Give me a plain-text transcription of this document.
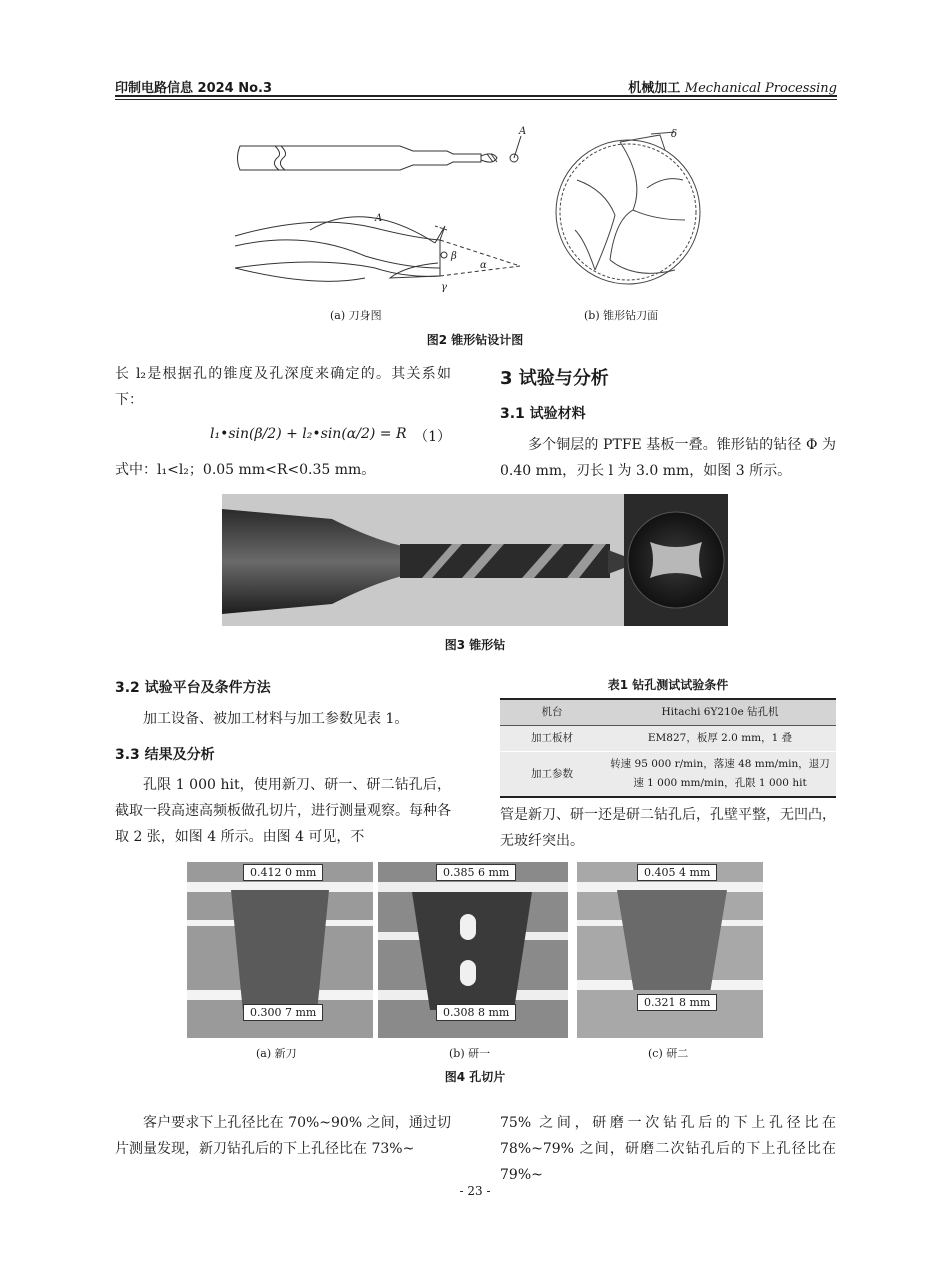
印制电路信息 2024 No.3	机械加工 Mechanical Processing
A
A
β
α
γ
δ
(a) 刀身图	(b) 锥形钻刀面
图2 锥形钻设计图

长 l₂是根据孔的锥度及孔深度来确定的。其关系如下：

l₁•sin(β/2) + l₂•sin(α/2) = R （1）
式中：l₁<l₂；0.05 mm<R<0.35 mm。
3 试验与分析
3.1 试验材料
多个铜层的 PTFE 基板一叠。锥形钻的钻径 Φ 为 0.40 mm，刃长 l 为 3.0 mm，如图 3 所示。
图3 锥形钻
3.2 试验平台及条件方法
加工设备、被加工材料与加工参数见表 1。
3.3 结果及分析
孔限 1 000 hit，使用新刀、研一、研二钻孔后，截取一段高速高频板做孔切片，进行测量观察。每种各取 2 张，如图 4 所示。由图 4 可见，不
表1 钻孔测试试验条件
机台	Hitachi 6Y210e 钻孔机
加工板材	EM827，板厚 2.0 mm，1 叠
加工参数	转速 95 000 r/min，落速 48 mm/min，退刀速 1 000 mm/min，孔限 1 000 hit
管是新刀、研一还是研二钻孔后，孔壁平整，无凹凸，无玻纤突出。
0.412 0 mm
0.300 7 mm
0.385 6 mm
0.308 8 mm
0.405 4 mm
0.321 8 mm
(a) 新刀	(b) 研一	(c) 研二
图4 孔切片
客户要求下上孔径比在 70%~90% 之间，通过切片测量发现，新刀钻孔后的下上孔径比在 73%~
75% 之间，研磨一次钻孔后的下上孔径比在 78%~79% 之间，研磨二次钻孔后的下上孔径比在 79%~
- 23 -
